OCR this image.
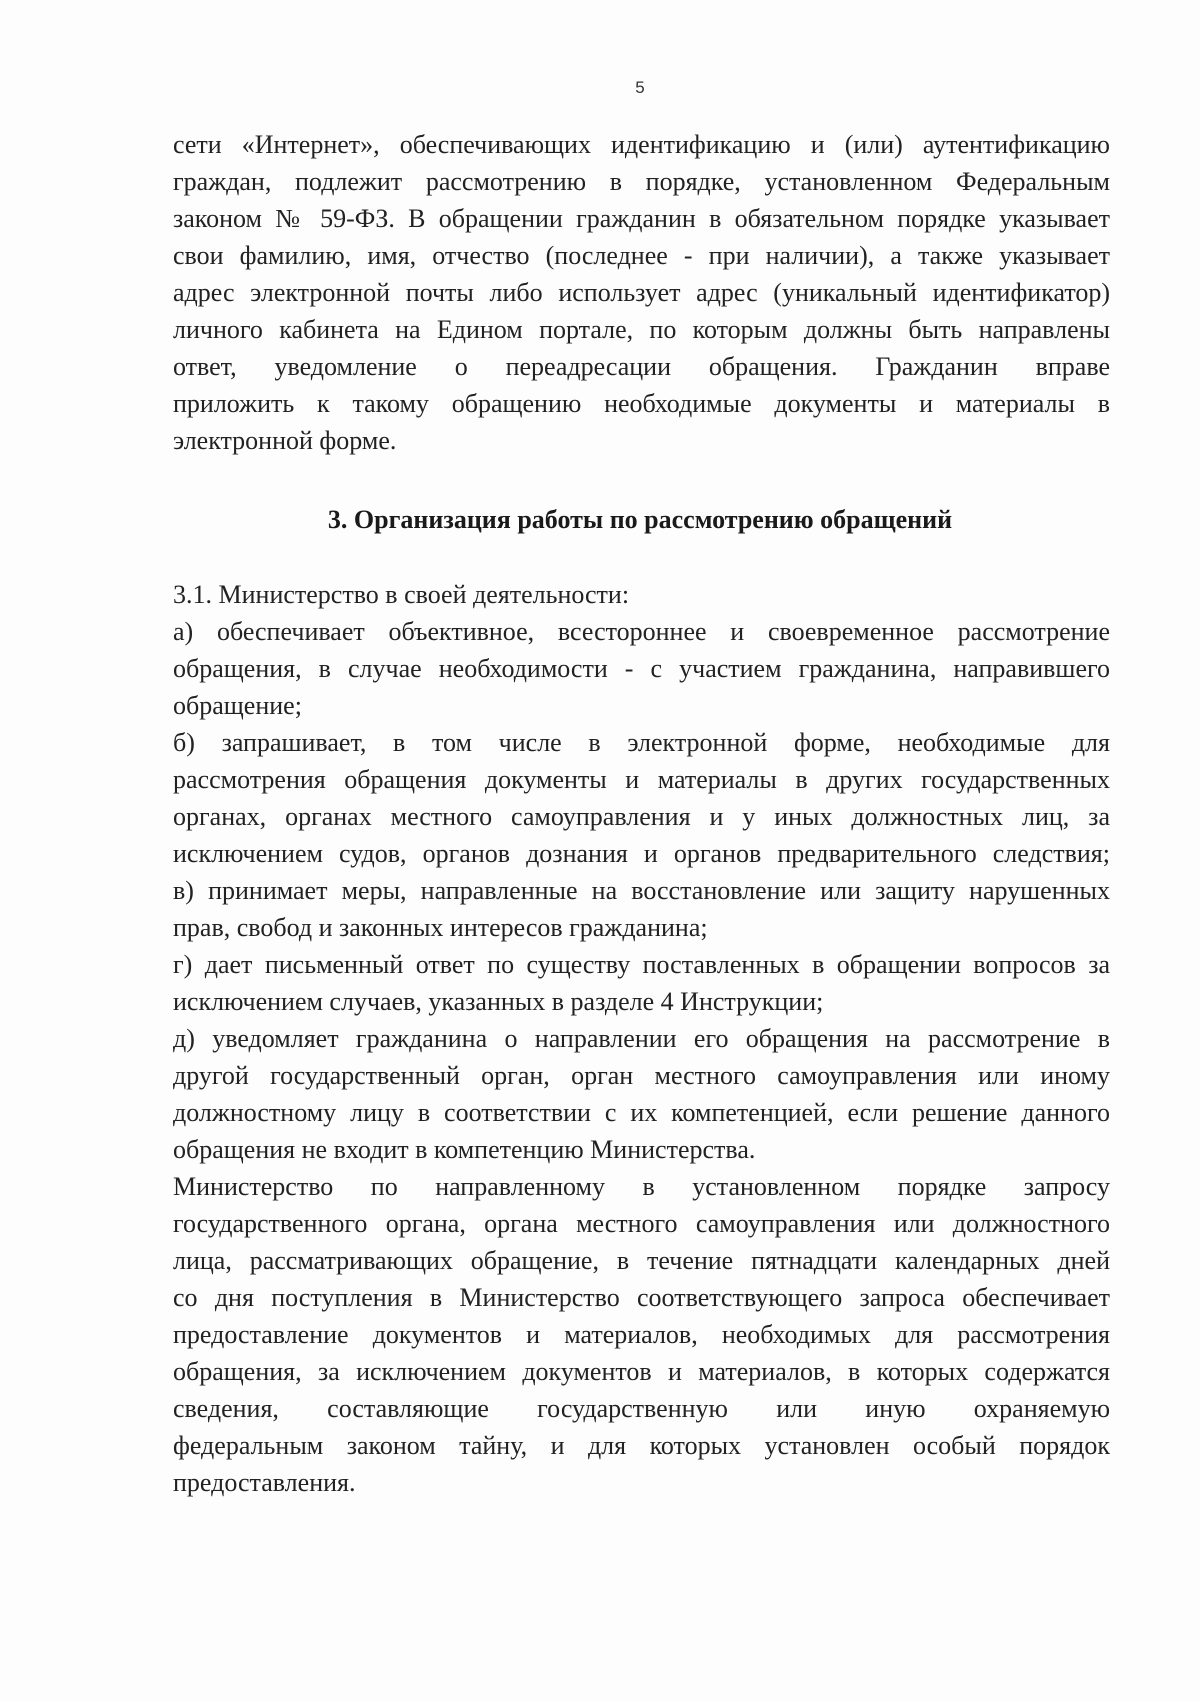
5
сети «Интернет», обеспечивающих идентификацию и (или) аутентификацию
граждан, подлежит рассмотрению в порядке, установленном Федеральным
законом № 59-ФЗ. В обращении гражданин в обязательном порядке указывает
свои фамилию, имя, отчество (последнее - при наличии), а также указывает
адрес электронной почты либо использует адрес (уникальный идентификатор)
личного кабинета на Едином портале, по которым должны быть направлены
ответ, уведомление о переадресации обращения. Гражданин вправе
приложить к такому обращению необходимые документы и материалы в
электронной форме.
3. Организация работы по рассмотрению обращений
3.1. Министерство в своей деятельности:
а) обеспечивает объективное, всестороннее и своевременное рассмотрение
обращения, в случае необходимости - с участием гражданина, направившего
обращение;
б) запрашивает, в том числе в электронной форме, необходимые для
рассмотрения обращения документы и материалы в других государственных
органах, органах местного самоуправления и у иных должностных лиц, за
исключением судов, органов дознания и органов предварительного следствия;
в) принимает меры, направленные на восстановление или защиту нарушенных
прав, свобод и законных интересов гражданина;
г) дает письменный ответ по существу поставленных в обращении вопросов за
исключением случаев, указанных в разделе 4 Инструкции;
д) уведомляет гражданина о направлении его обращения на рассмотрение в
другой государственный орган, орган местного самоуправления или иному
должностному лицу в соответствии с их компетенцией, если решение данного
обращения не входит в компетенцию Министерства.
Министерство по направленному в установленном порядке запросу
государственного органа, органа местного самоуправления или должностного
лица, рассматривающих обращение, в течение пятнадцати календарных дней
со дня поступления в Министерство соответствующего запроса обеспечивает
предоставление документов и материалов, необходимых для рассмотрения
обращения, за исключением документов и материалов, в которых содержатся
сведения, составляющие государственную или иную охраняемую
федеральным законом тайну, и для которых установлен особый порядок
предоставления.
